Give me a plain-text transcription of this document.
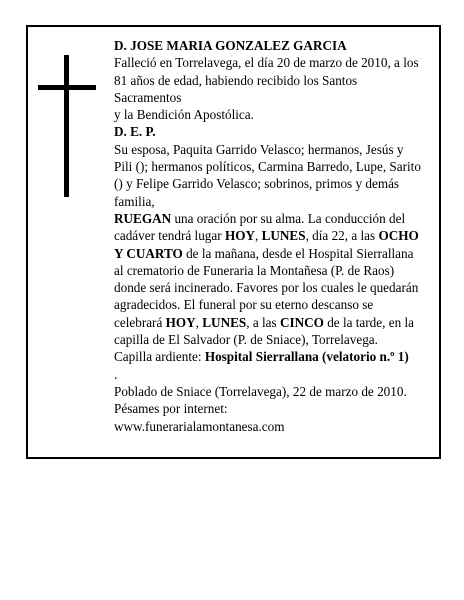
D. JOSE MARIA GONZALEZ GARCIA

Falleció en Torrelavega, el día 20 de marzo de 2010, a los 81 años de edad, habiendo recibido los Santos Sacramentos

y la Bendición Apostólica.

D. E. P.

Su esposa, Paquita Garrido Velasco; hermanos, Jesús y Pili (); hermanos políticos, Carmina Barredo, Lupe, Sarito () y Felipe Garrido Velasco; sobrinos, primos y demás familia,

RUEGAN una oración por su alma. La conducción del cadáver tendrá lugar HOY, LUNES, día 22, a las OCHO Y CUARTO de la mañana, desde el Hospital Sierrallana al crematorio de Funeraria la Montañesa (P. de Raos) donde será incinerado. Favores por los cuales le quedarán agradecidos. El funeral por su eterno descanso se celebrará HOY, LUNES, a las CINCO de la tarde, en la capilla de El Salvador (P. de Sniace), Torrelavega.

Capilla ardiente: Hospital Sierrallana (velatorio n.º 1)

.

Poblado de Sniace (Torrelavega), 22 de marzo de 2010.

Pésames por internet:

www.funerarialamontanesa.com
